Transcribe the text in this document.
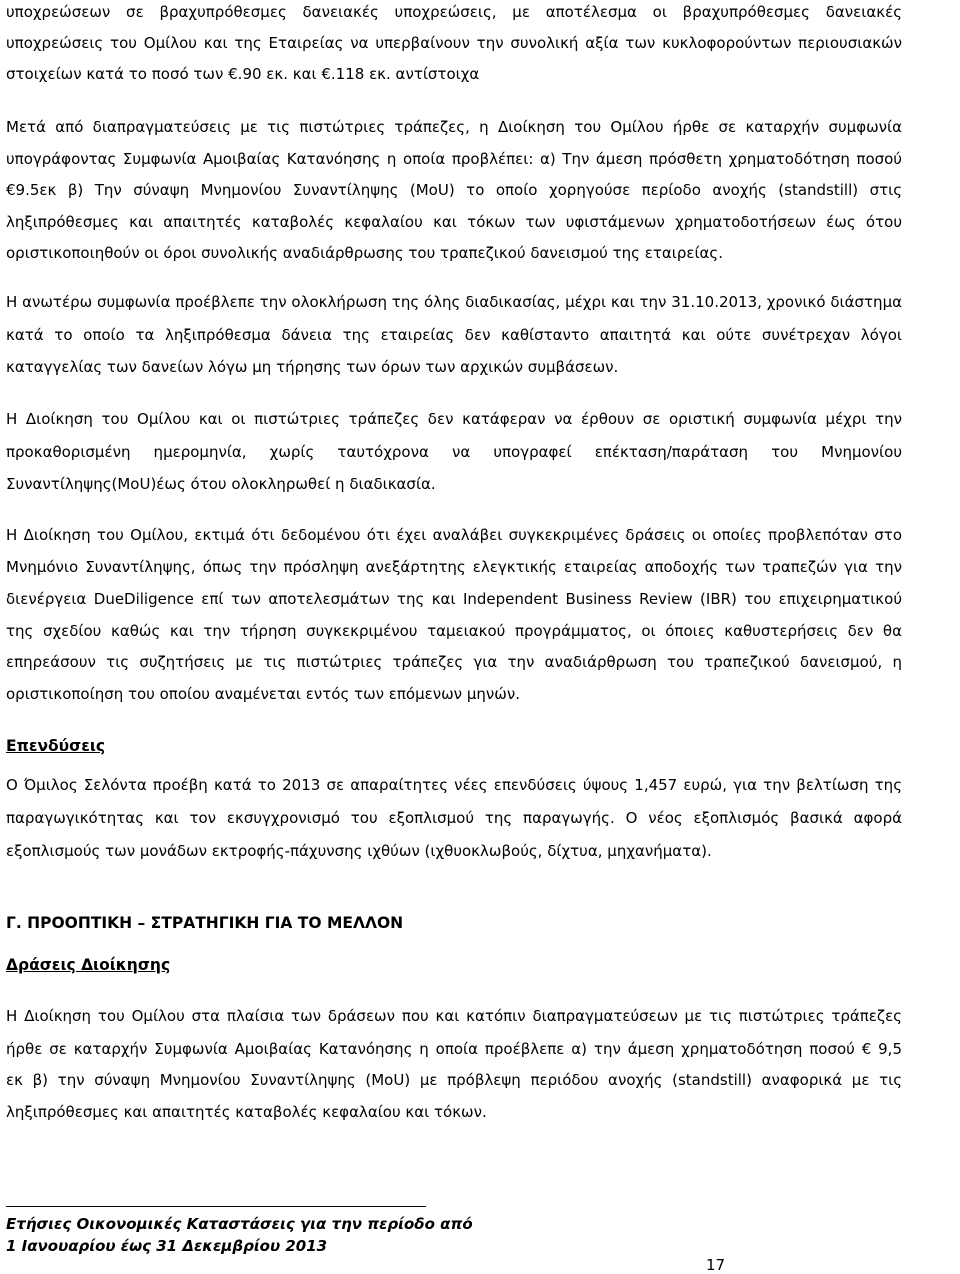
υποχρεώσεων σε βραχυπρόθεσμες δανειακές υποχρεώσεις, με αποτέλεσμα οι βραχυπρόθεσμες δανειακές
υποχρεώσεις του Ομίλου και της Εταιρείας να υπερβαίνουν την συνολική αξία των κυκλοφορούντων περιουσιακών
στοιχείων κατά το ποσό των €.90 εκ. και €.118 εκ. αντίστοιχα
Μετά από διαπραγματεύσεις με τις πιστώτριες τράπεζες, η Διοίκηση του Ομίλου ήρθε σε καταρχήν συμφωνία
υπογράφοντας Συμφωνία Αμοιβαίας Κατανόησης η οποία προβλέπει: α) Την άμεση πρόσθετη χρηματοδότηση ποσού
€9.5εκ β) Την σύναψη Μνημονίου Συναντίληψης (MoU) το οποίο χορηγούσε περίοδο ανοχής (standstill) στις
ληξιπρόθεσμες και απαιτητές καταβολές κεφαλαίου και τόκων των υφιστάμενων χρηματοδοτήσεων έως ότου
οριστικοποιηθούν οι όροι συνολικής αναδιάρθρωσης του τραπεζικού δανεισμού της εταιρείας.
Η ανωτέρω συμφωνία προέβλεπε την ολοκλήρωση της όλης διαδικασίας, μέχρι και την 31.10.2013, χρονικό διάστημα
κατά το οποίο τα ληξιπρόθεσμα δάνεια της εταιρείας δεν καθίσταντο απαιτητά και ούτε συνέτρεχαν λόγοι
καταγγελίας των δανείων λόγω μη τήρησης των όρων των αρχικών συμβάσεων.
Η Διοίκηση του Ομίλου και οι πιστώτριες τράπεζες δεν κατάφεραν να έρθουν σε οριστική συμφωνία μέχρι την
προκαθορισμένη ημερομηνία, χωρίς ταυτόχρονα να υπογραφεί επέκταση/παράταση του Μνημονίου
Συναντίληψης(MoU)έως ότου ολοκληρωθεί η διαδικασία.
Η Διοίκηση του Ομίλου, εκτιμά ότι δεδομένου ότι έχει αναλάβει συγκεκριμένες δράσεις οι οποίες προβλεπόταν στο
Μνημόνιο Συναντίληψης, όπως την πρόσληψη ανεξάρτητης ελεγκτικής εταιρείας αποδοχής των τραπεζών για την
διενέργεια DueDiligence επί των αποτελεσμάτων της και Independent Business Review (IBR) του επιχειρηματικού
της σχεδίου καθώς και την τήρηση συγκεκριμένου ταμειακού προγράμματος, οι όποιες καθυστερήσεις δεν θα
επηρεάσουν τις συζητήσεις με τις πιστώτριες τράπεζες για την αναδιάρθρωση του τραπεζικού δανεισμού, η
οριστικοποίηση του οποίου αναμένεται εντός των επόμενων μηνών.
Επενδύσεις
Ο Όμιλος Σελόντα προέβη κατά το 2013 σε απαραίτητες νέες επενδύσεις ύψους 1,457 ευρώ, για την βελτίωση της
παραγωγικότητας και τον εκσυγχρονισμό του εξοπλισμού της παραγωγής. Ο νέος εξοπλισμός βασικά αφορά
εξοπλισμούς των μονάδων εκτροφής-πάχυνσης ιχθύων (ιχθυοκλωβούς, δίχτυα, μηχανήματα).
Γ. ΠΡΟΟΠΤΙΚΗ – ΣΤΡΑΤΗΓΙΚΗ ΓΙΑ ΤΟ ΜΕΛΛΟΝ
Δράσεις Διοίκησης
Η Διοίκηση του Ομίλου στα πλαίσια των δράσεων που και κατόπιν διαπραγματεύσεων με τις πιστώτριες τράπεζες
ήρθε σε καταρχήν Συμφωνία Αμοιβαίας Κατανόησης η οποία προέβλεπε α) την άμεση χρηματοδότηση ποσού € 9,5
εκ β) την σύναψη Μνημονίου Συναντίληψης (MoU) με πρόβλεψη περιόδου ανοχής (standstill) αναφορικά με τις
ληξιπρόθεσμες και απαιτητές καταβολές κεφαλαίου και τόκων.
Ετήσιες Οικονομικές Καταστάσεις για την περίοδο από
1 Ιανουαρίου έως 31 Δεκεμβρίου 2013
17
